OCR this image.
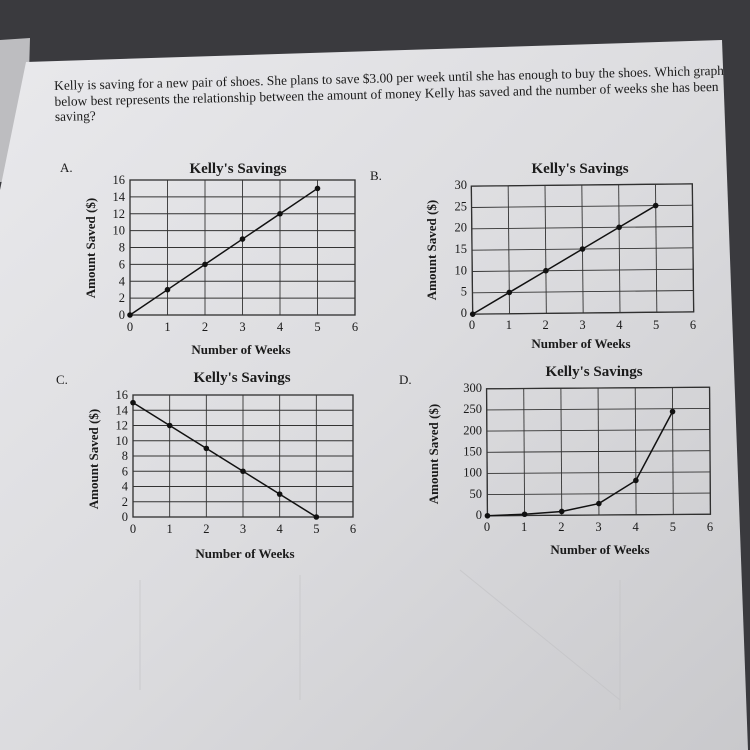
Kelly is saving for a new pair of shoes. She plans to save $3.00 per week until she has enough to buy the shoes. Which graph below best represents the relationship between the amount of money Kelly has saved and the number of weeks she has been saving?

A.
B.
C.	D.
Kelly's Savings
0	1	2	3	4	5	6
0
2
4
6
8
10
12
14
16
Number of Weeks
Amount Saved ($)
Kelly's Savings
0 1 2 3 4 5 6
0
5
10
15
20
25
30
Number of Weeks
Amount Saved ($)
Kelly's Savings
0 1 2 3 4 5 6
0
2
4
6
8
10
12
14
16
Number of Weeks
Amount Saved ($)
Kelly's Savings
0 1 2 3 4 5 6
0
50
100
150
200
250
300
Number of Weeks
Amount Saved ($)
